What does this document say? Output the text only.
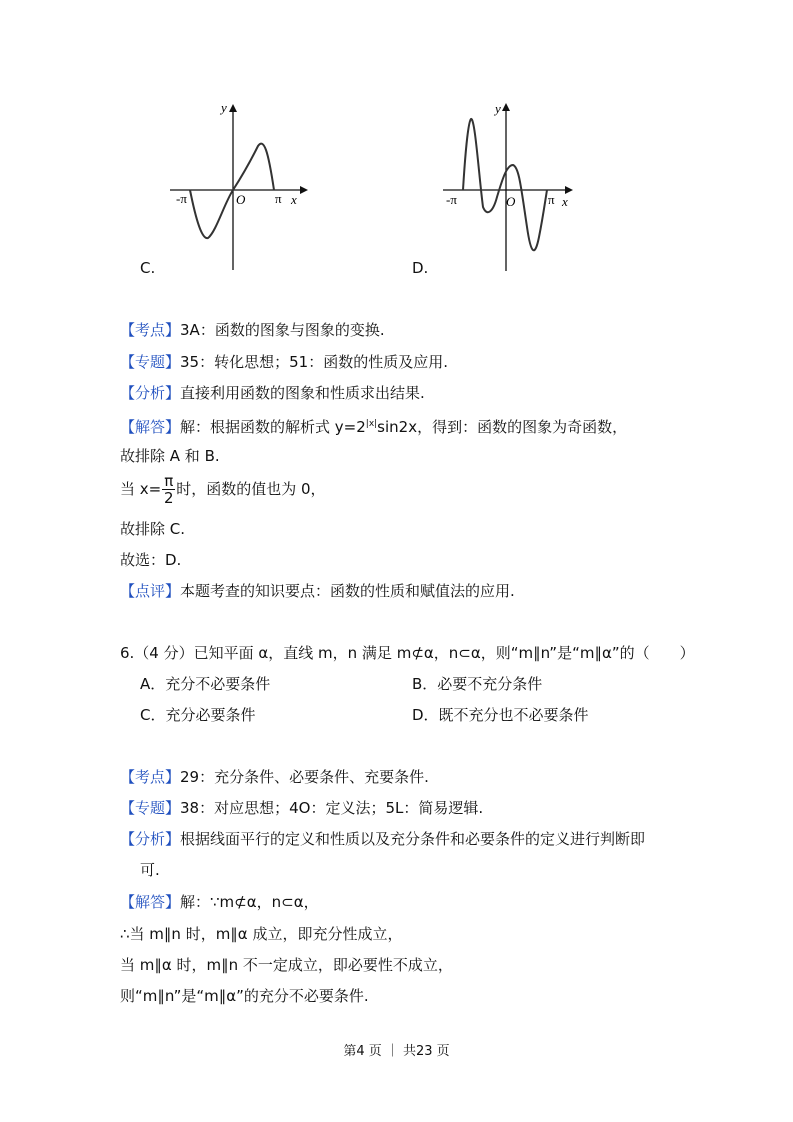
-π	π
O	x
y
C.
-π	π
O	x
y
D.
【考点】3A：函数的图象与图象的变换.
【专题】35：转化思想；51：函数的性质及应用.
【分析】直接利用函数的图象和性质求出结果.
【解答】解：根据函数的解析式 $y=2^{|x|}\sin 2x$，得到：函数的图象为奇函数，
故排除 A 和 B.
当 $x= \frac{\pi}{2}$ 时，函数的值也为 0，
故排除 C.
故选：D.
【点评】本题考查的知识要点：函数的性质和赋值法的应用.
6.（4 分）已知平面 α，直线 m，n 满足 m⊄α，n⊂α，则“m∥n”是“m∥α”的（　　）
A．充分不必要条件	B．必要不充分条件
C．充分必要条件	D．既不充分也不必要条件
【考点】29：充分条件、必要条件、充要条件.
【专题】38：对应思想；4O：定义法；5L：简易逻辑.
【分析】根据线面平行的定义和性质以及充分条件和必要条件的定义进行判断即
可.
【解答】解：∵m⊄α，n⊂α，
∴当 m∥n 时，m∥α 成立，即充分性成立，
当 m∥α 时，m∥n 不一定成立，即必要性不成立，
则“m∥n”是“m∥α”的充分不必要条件.
第4 页 ｜ 共23 页
